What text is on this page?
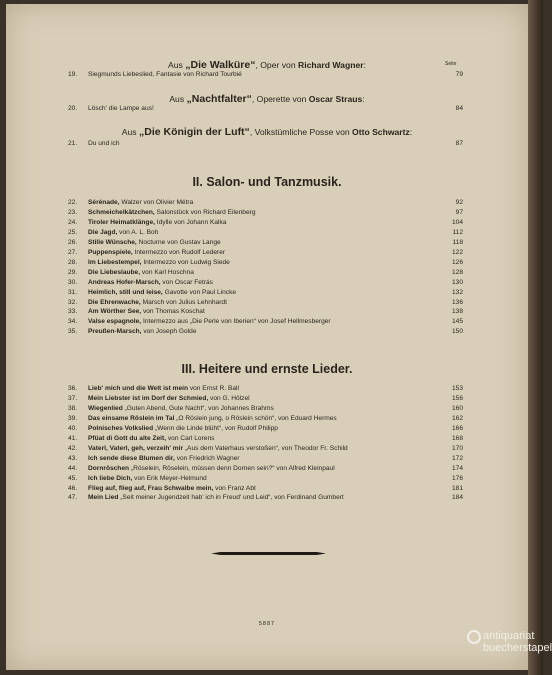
Seite
Aus „Die Walküre“, Oper von Richard Wagner:
19. Siegmunds Liebeslied, Fantasie von Richard Tourbié	79
Aus „Nachtfalter“, Operette von Oscar Straus:
20. Lösch' die Lampe aus!	84
Aus „Die Königin der Luft“, Volkstümliche Posse von Otto Schwartz:
21. Du und ich	87
II. Salon- und Tanzmusik.
22. Sérénade, Walzer von Olivier Métra	92
23. Schmeichelkätzchen, Salonstück von Richard Eilenberg	97
24. Tiroler Heimatklänge, Idylle von Johann Kalka	104
25. Die Jagd, von A. L. Boh	112
26. Stille Wünsche, Nocturne von Gustav Lange	118
27. Puppenspiele, Intermezzo von Rudolf Lederer	122
28. Im Liebestempel, Intermezzo von Ludwig Siede	126
29. Die Liebeslaube, von Karl Hoschna	128
30. Andreas Hofer-Marsch, von Oscar Fetrás	130
31. Heimlich, still und leise, Gavotte von Paul Lincke	132
32. Die Ehrenwache, Marsch von Julius Lehnhardt	136
33. Am Wörther See, von Thomas Koschat	138
34. Valse espagnole, Intermezzo aus „Die Perle von Iberien“ von Josef Hellmesberger	145
35. Preußen-Marsch, von Joseph Golde	150
III. Heitere und ernste Lieder.
36. Lieb' mich und die Welt ist mein von Ernst R. Ball	153
37. Mein Liebster ist im Dorf der Schmied, von G. Hölzel	156
38. Wiegenlied „Guten Abend, Gute Nacht“, von Johannes Brahms	160
39. Das einsame Röslein im Tal „O Röslein jung, o Röslein schön“, von Eduard Hermes	162
40. Polnisches Volkslied „Wenn die Linde blüht“, von Rudolf Philipp	166
41. Pfüat di Gott du alte Zeit, von Carl Lorens	168
42. Vaterl, Vaterl, geh, verzeih' mir „Aus dem Vaterhaus verstoßen“, von Theodor Fr. Schild	170
43. Ich sende diese Blumen dir, von Friedrich Wagner	172
44. Dornröschen „Röselein, Röselein, müssen denn Dornen sein?“ von Alfred Kleinpaul	174
45. Ich liebe Dich, von Erik Meyer-Helmund	176
46. Flieg auf, flieg auf, Frau Schwalbe mein, von Franz Abt	181
47. Mein Lied „Seit meiner Jugendzeit hab' ich in Freud' und Leid“, von Ferdinand Gumbert	184
5887
antiquariat
buecherstapel
